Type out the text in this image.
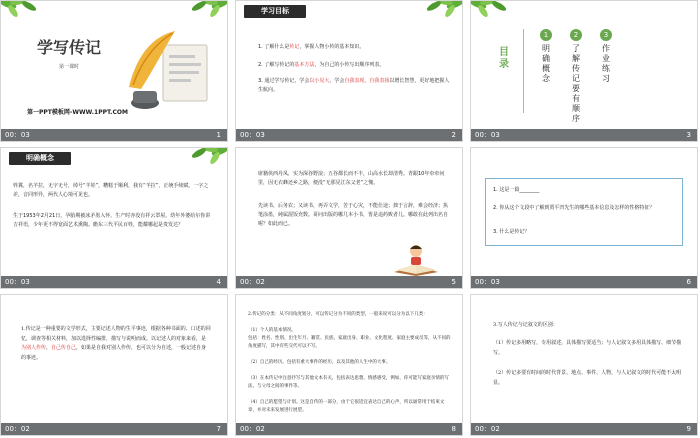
学写传记
第一课时
第一PPT模板网-WWW.1PPT.COM
00：03	1
学习目标
1. 了解什么是传记，掌握人物小传的基本知识。
2. 了解写传记的基本方法，为自己的小传写出顺序列表。
3. 通过学写传记，学会以小见大，学会自我表现，自我表扬以增长智慧，更好地把握人生航向。
00：03	2
目录
1
明确概念
2
了解传记要有顺序
3
作业练习
00：03	3
明确概念
姓冀，名羊拉，无字无号，绰号“羊娃”，糟糕于顺利，我有“羊拉”，正统手续赋，一字之差，音同形异，两代人心境可见也。
生于1953年2月21日，孕胎期被冰矛墨入怀，生产时亦没有祥云罩屋。幼年外婆给尔你讲吉祥语，少年更不得宽面艺术熏陶。瞻东三代平民百姓，能耀哪起是贵发达？
00：03	4
席籍侠西丹凤，实为深谷野浪；五谷都长而不丰，山高水长却清秀。青跟10年牵牵问里，因无衣蜂还乡之路，便没“无那见江东父老”之愧。
先读书，后务农；又读书，再弄文学，苦于心灾，不能仕途；拙于言辞，难会经济；执笔涂墨，純属混饭充数。哥问出版的哪几本小书，皆是违药败者儿。哪敢在此列出名自呢？如此而已。
00：02	5
1. 这是一篇________
2. 你从这个文段中了解到贾平凹先生的哪些基本信息及怎样的性格特征？
3. 什么是传记？
00：03	6
1.传记是一种重要的文学形式，主要记述人物的生平事迹，根据各种书面的、口述的回忆，调查等相关材料，加以选择性编排，描写与说明而成。以记述人的对象来看，是为别人作传，自己传自己，如果是自我对别人作传，也可以分为自述，一般记述自身的事迹。
00：02	7
2.传记的分类：从不同角度划分，可以传记分为不同的类型，一般来说可以分为以下几类：
（1）个人的基本情况。
包括：姓名、性别、出生年月、籍贯、民族、家庭出身、职业、文化程度、家庭主要成员等，从不同的角度描写，其中有些交代可以不写。
（2）自己的经历。包括有重大事件的经历，以及其他的人生中的大事。
（3）在本传记中注意抒写与其他文本有关，包括表达思想、情感感受，例如，你可能写家庭亲情的写法，与父母之间的事件等。
（4）自己的愿望与计划。这是自传的一部分，由于它很适宜表达自己的心声，所以通常用于结束文章，并对未来发展进行展望。
00：02	8
3.写人传记与记叙文的区别：
（1）传记多用略写，专用叙述，具体描写要适当；与人记叙文多用具体描写、细节描写。
（2）传记多要有时间的时代背景、地点、事件、人物，与人记叙文的时代可能不太明显。
00：02	9
